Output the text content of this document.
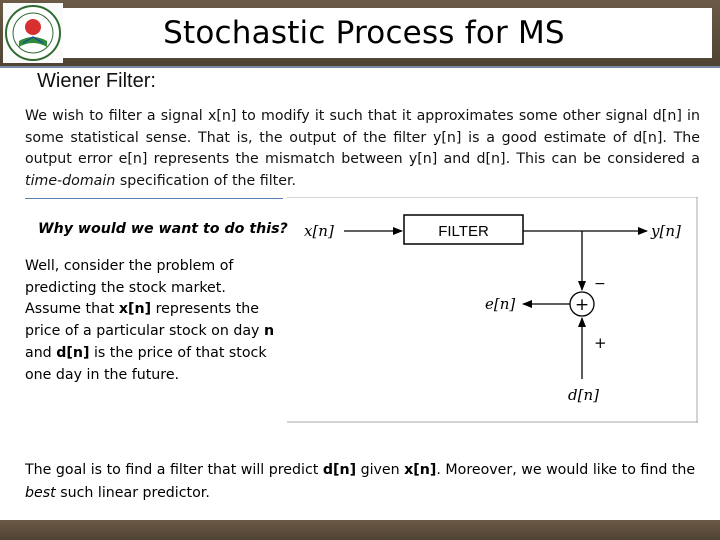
Stochastic Process for MS
Wiener Filter:
We wish to filter a signal x[n] to modify it such that it approximates some other signal d[n] in some statistical sense. That is, the output of the filter y[n] is a good estimate of d[n]. The output error e[n] represents the mismatch between y[n] and d[n]. This can be considered a time-domain specification of the filter.
Why would we want to do this?
Well, consider the problem of predicting the stock market. Assume that x[n] represents the price of a particular stock on day n and d[n] is the price of that stock one day in the future.
x[n]	FILTER	y[n]
−
+
e[n]
+
d[n]
The goal is to find a filter that will predict d[n] given x[n]. Moreover, we would like to find the best such linear predictor.
